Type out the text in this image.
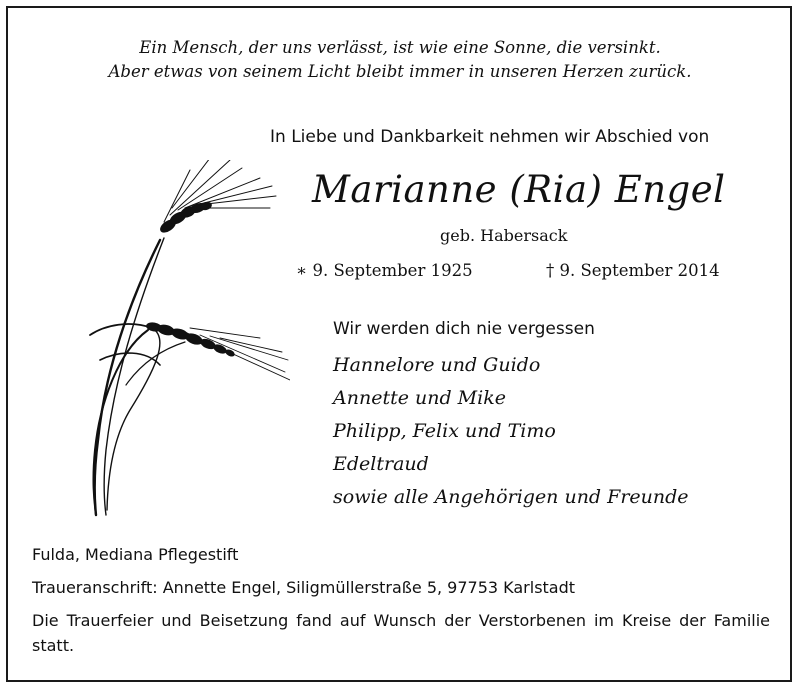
Ein Mensch, der uns verlässt, ist wie eine Sonne, die versinkt.
Aber etwas von seinem Licht bleibt immer in unseren Herzen zurück.
In Liebe und Dankbarkeit nehmen wir Abschied von
Marianne (Ria) Engel
geb. Habersack
∗ 9. September 1925	† 9. September 2014
Wir werden dich nie vergessen
Hannelore und Guido
Annette und Mike
Philipp, Felix und Timo
Edeltraud
sowie alle Angehörigen und Freunde
Fulda, Mediana Pflegestift
Traueranschrift: Annette Engel, Siligmüllerstraße 5, 97753 Karlstadt
Die Trauerfeier und Beisetzung fand auf Wunsch der Verstorbenen im Kreise der Familie statt.
